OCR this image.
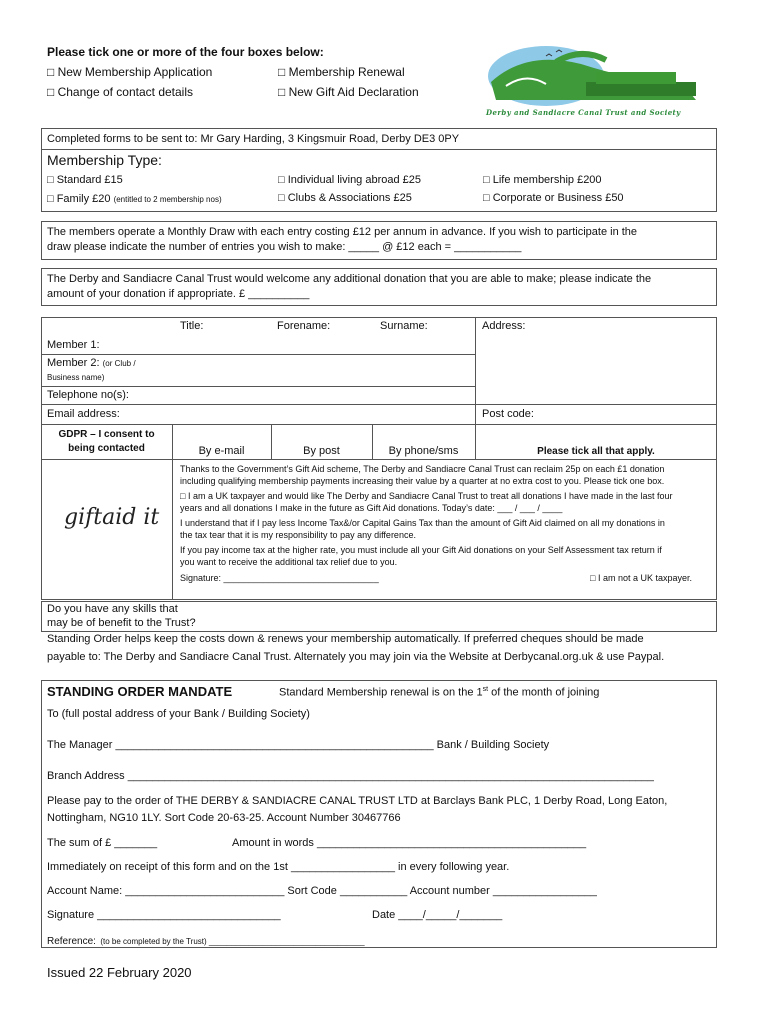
Please tick one or more of the four boxes below:
□ New Membership Application	□ Membership Renewal
□ Change of contact details	□ New Gift Aid Declaration
Derby and Sandiacre Canal Trust and Society
Completed forms to be sent to: Mr Gary Harding, 3 Kingsmuir Road, Derby DE3 0PY
Membership Type:
□ Standard £15	□ Individual living abroad £25	□ Life membership £200
□ Family £20 (entitled to 2 membership nos)	□ Clubs & Associations £25	□ Corporate or Business £50
The members operate a Monthly Draw with each entry costing £12 per annum in advance. If you wish to participate in the
draw please indicate the number of entries you wish to make: _____ @ £12 each = ___________
The Derby and Sandiacre Canal Trust would welcome any additional donation that you are able to make; please indicate the
amount of your donation if appropriate. £ __________
Title:	Forename:	Surname:	Address:
Member 1:
Member 2: (or Club /
Business name)
Telephone no(s):
Email address:	Post code:
GDPR – I consent to
being contacted	By e-mail	By post	By phone/sms	Please tick all that apply.
giftaid it
Thanks to the Government’s Gift Aid scheme, The Derby and Sandiacre Canal Trust can reclaim 25p on each £1 donation
including qualifying membership payments increasing their value by a quarter at no extra cost to you. Please tick one box.
□ I am a UK taxpayer and would like The Derby and Sandiacre Canal Trust to treat all donations I have made in the last four
years and all donations I make in the future as Gift Aid donations. Today’s date: ___ / ___ / ____
I understand that if I pay less Income Tax&/or Capital Gains Tax than the amount of Gift Aid claimed on all my donations in
the tax tear that it is my responsibility to pay any difference.
If you pay income tax at the higher rate, you must include all your Gift Aid donations on your Self Assessment tax return if
you want to receive the additional tax relief due to you.
Signature: _______________________________	□ I am not a UK taxpayer.
Do you have any skills that
may be of benefit to the Trust?
Standing Order helps keep the costs down & renews your membership automatically. If preferred cheques should be made
payable to: The Derby and Sandiacre Canal Trust. Alternately you may join via the Website at Derbycanal.org.uk & use Paypal.
STANDING ORDER MANDATE	Standard Membership renewal is on the 1st of the month of joining
To (full postal address of your Bank / Building Society)
The Manager ____________________________________________________ Bank / Building Society
Branch Address ______________________________________________________________________________________
Please pay to the order of THE DERBY & SANDIACRE CANAL TRUST LTD at Barclays Bank PLC, 1 Derby Road, Long Eaton,
Nottingham, NG10 1LY. Sort Code 20-63-25. Account Number 30467766
The sum of £ _______	Amount in words ____________________________________________
Immediately on receipt of this form and on the 1st _________________ in every following year.
Account Name: __________________________ Sort Code ___________ Account number _________________
Signature ______________________________	Date ____/_____/_______
Reference: (to be completed by the Trust) ___________________________________
Issued 22 February 2020
